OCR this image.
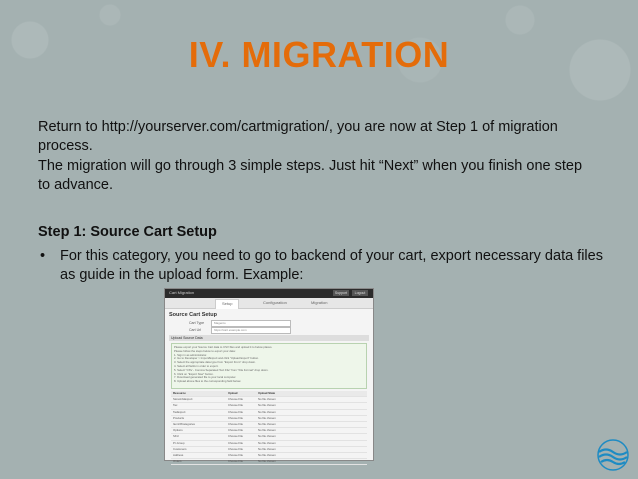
IV. MIGRATION
Return to http://yourserver.com/cartmigration/, you are now at Step 1 of migration process.
The migration will go through 3 simple steps. Just hit “Next” when you finish one step to advance.
Step 1: Source Cart Setup
• For this category, you need to go to backend of your cart, export necessary data files as guide in the upload form. Example:
Cart Migration	Support	Logout
Setup	Configuration	Migration
Source Cart Setup
Cart Type	Magento
Cart Url	https://cart.example.com
Upload Source Data
Please export your Source Cart data to CSV files and upload it to below places.
Please follow the steps below to export your data:
1. Sign in as administrator.
2. Go to Developer > Import/Export and click "Upload Export" button.
3. Select the appropriate data type from "Export From" drop down.
4. Select all fields in order to export.
5. Select "CSV - Comma Separated Text File" from "File Format" drop down.
6. Click on "Export Now" button.
7. Download generated file to your local computer.
8. Upload above files to the corresponding field below.
Resource	Upload	Upload State
StoreInfoExport	Choose File	No file chosen
Tax	Choose File	No file chosen
TaxExport	Choose File	No file chosen
Products	Choose File	No file chosen
ItemOfCategories	Choose File	No file chosen
Options	Choose File	No file chosen
SKU	Choose File	No file chosen
Pr-Group	Choose File	No file chosen
Customers	Choose File	No file chosen
Address	Choose File	No file chosen
Orders	Choose File	No file chosen
